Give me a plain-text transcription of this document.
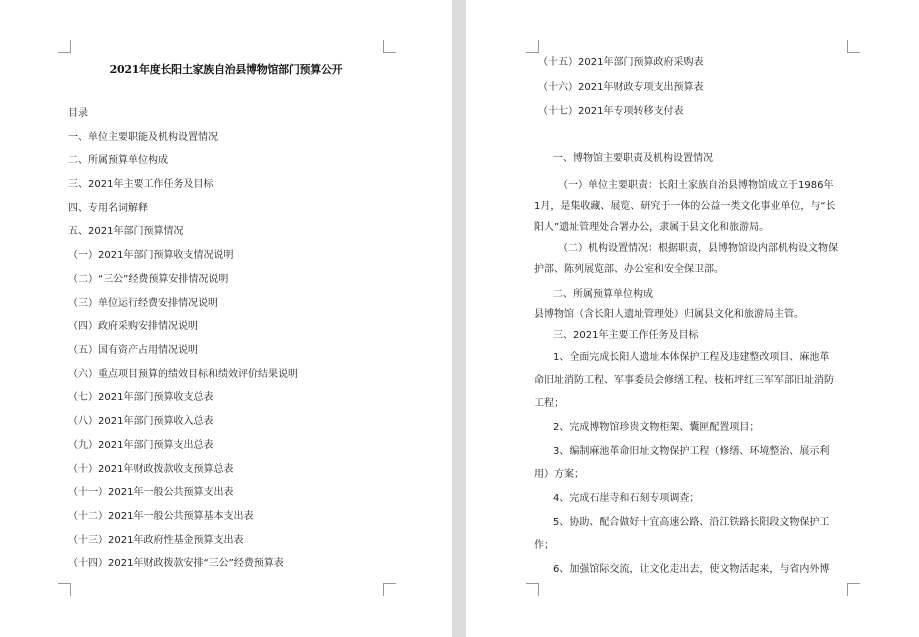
2021年度长阳土家族自治县博物馆部门预算公开
目录
一、单位主要职能及机构设置情况
二、所属预算单位构成
三、2021年主要工作任务及目标
四、专用名词解释
五、2021年部门预算情况
（一）2021年部门预算收支情况说明
（二）“三公”经费预算安排情况说明
（三）单位运行经费安排情况说明
（四）政府采购安排情况说明
（五）国有资产占用情况说明
（六）重点项目预算的绩效目标和绩效评价结果说明
（七）2021年部门预算收支总表
（八）2021年部门预算收入总表
（九）2021年部门预算支出总表
（十）2021年财政拨款收支预算总表
（十一）2021年一般公共预算支出表
（十二）2021年一般公共预算基本支出表
（十三）2021年政府性基金预算支出表
（十四）2021年财政拨款安排“三公”经费预算表
（十五）2021年部门预算政府采购表
（十六）2021年财政专项支出预算表
（十七）2021年专项转移支付表
一、博物馆主要职责及机构设置情况
（一）单位主要职责：长阳土家族自治县博物馆成立于1986年
1月，是集收藏、展览、研究于一体的公益一类文化事业单位，与“长
阳人”遗址管理处合署办公，隶属于县文化和旅游局。
（二）机构设置情况：根据职责，县博物馆设内部机构设文物保
护部、陈列展览部、办公室和安全保卫部。
二、所属预算单位构成
县博物馆（含长阳人遗址管理处）归属县文化和旅游局主管。
三、2021年主要工作任务及目标
1、全面完成长阳人遗址本体保护工程及违建整改项目、麻池革
命旧址消防工程、军事委员会修缮工程、枝柘坪红三军军部旧址消防
工程；
2、完成博物馆珍贵文物柜架、囊匣配置项目；
3、编制麻池革命旧址文物保护工程（修缮、环境整治、展示利
用）方案；
4、完成石崖寺和石刻专项调查；
5、协助、配合做好十宜高速公路、沿江铁路长阳段文物保护工
作；
6、加强馆际交流，让文化走出去，使文物活起来，与省内外博
